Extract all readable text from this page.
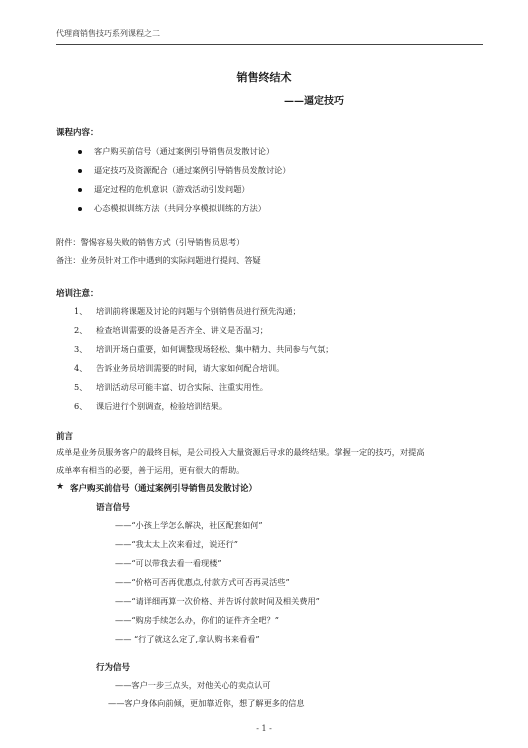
代理商销售技巧系列课程之二
销售终结术
——逼定技巧
课程内容：
客户购买前信号（通过案例引导销售员发散讨论）
逼定技巧及资源配合（通过案例引导销售员发散讨论）
逼定过程的危机意识（游戏活动引发问题）
心态模拟训练方法（共同分享模拟训练的方法）
附件：警惕容易失败的销售方式（引导销售员思考）
备注：业务员针对工作中遇到的实际问题进行提问、答疑
培训注意：
1、 培训前将课题及讨论的问题与个别销售员进行预先沟通；
2、 检查培训需要的设备是否齐全、讲义是否温习；
3、 培训开场白重要，如何调整现场轻松、集中精力、共同参与气氛；
4、 告诉业务员培训需要的时间，请大家如何配合培训。
5、 培训活动尽可能丰富、切合实际、注重实用性。
6、 课后进行个别调查，检验培训结果。
前言
成单是业务员服务客户的最终目标，是公司投入大量资源后寻求的最终结果。掌握一定的技巧，对提高
成单率有相当的必要，善于运用，更有很大的帮助。
★ 客户购买前信号（通过案例引导销售员发散讨论）
语言信号
——“小孩上学怎么解决，社区配套如何”
——“我太太上次来看过，说还行”
——“可以带我去看一看现楼”
——“价格可否再优惠点,付款方式可否再灵活些”
——“请详细再算一次价格、并告诉付款时间及相关费用”
——“购房手续怎么办，你们的证件齐全吧？”
—— “行了就这么定了,拿认购书来看看”
行为信号
——客户一步三点头，对他关心的卖点认可
——客户身体向前倾，更加靠近你，想了解更多的信息
- 1 -
